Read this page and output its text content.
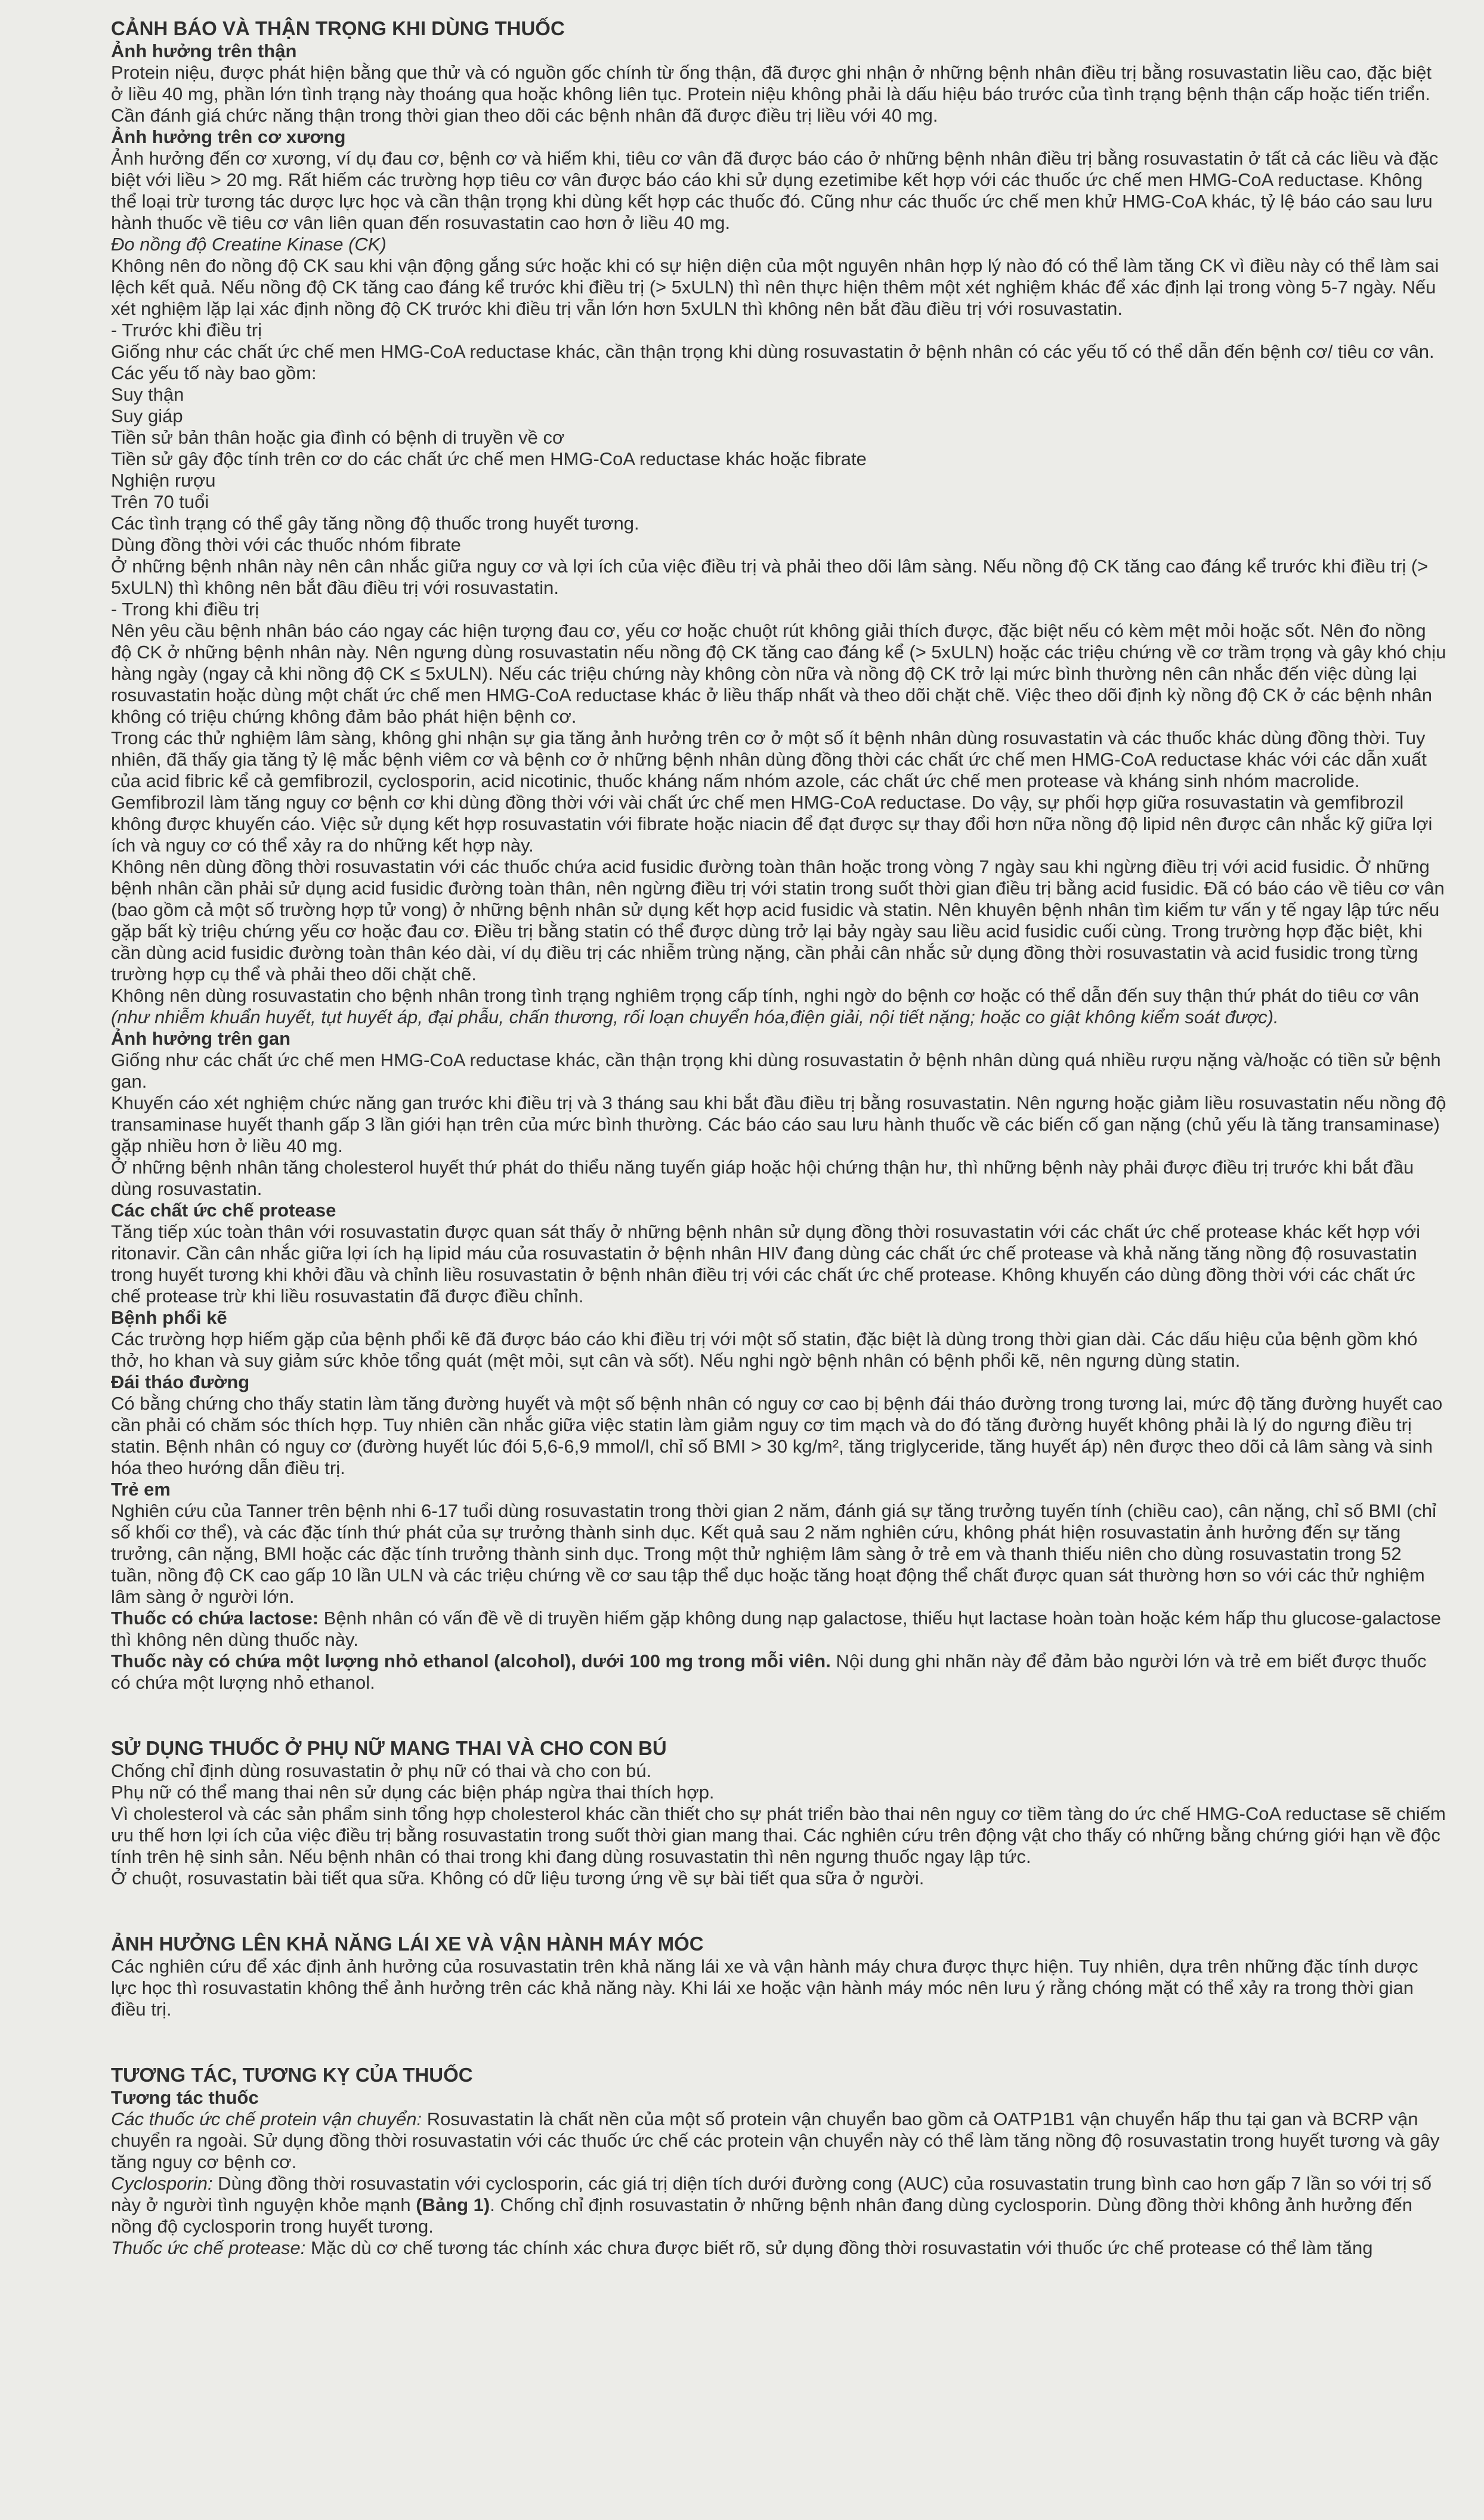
CẢNH BÁO VÀ THẬN TRỌNG KHI DÙNG THUỐC

Ảnh hưởng trên thận

Protein niệu, được phát hiện bằng que thử và có nguồn gốc chính từ ống thận, đã được ghi nhận ở những bệnh nhân điều trị bằng rosuvastatin liều cao, đặc biệt ở liều 40 mg, phần lớn tình trạng này thoáng qua hoặc không liên tục. Protein niệu không phải là dấu hiệu báo trước của tình trạng bệnh thận cấp hoặc tiến triển. Cần đánh giá chức năng thận trong thời gian theo dõi các bệnh nhân đã được điều trị liều với 40 mg.

Ảnh hưởng trên cơ xương

Ảnh hưởng đến cơ xương, ví dụ đau cơ, bệnh cơ và hiếm khi, tiêu cơ vân đã được báo cáo ở những bệnh nhân điều trị bằng rosuvastatin ở tất cả các liều và đặc biệt với liều > 20 mg. Rất hiếm các trường hợp tiêu cơ vân được báo cáo khi sử dụng ezetimibe kết hợp với các thuốc ức chế men HMG-CoA reductase. Không thể loại trừ tương tác dược lực học và cần thận trọng khi dùng kết hợp các thuốc đó. Cũng như các thuốc ức chế men khử HMG-CoA khác, tỷ lệ báo cáo sau lưu hành thuốc về tiêu cơ vân liên quan đến rosuvastatin cao hơn ở liều 40 mg.

Đo nồng độ Creatine Kinase (CK)

Không nên đo nồng độ CK sau khi vận động gắng sức hoặc khi có sự hiện diện của một nguyên nhân hợp lý nào đó có thể làm tăng CK vì điều này có thể làm sai lệch kết quả. Nếu nồng độ CK tăng cao đáng kể trước khi điều trị (> 5xULN) thì nên thực hiện thêm một xét nghiệm khác để xác định lại trong vòng 5-7 ngày. Nếu xét nghiệm lặp lại xác định nồng độ CK trước khi điều trị vẫn lớn hơn 5xULN thì không nên bắt đầu điều trị với rosuvastatin.

- Trước khi điều trị

Giống như các chất ức chế men HMG-CoA reductase khác, cần thận trọng khi dùng rosuvastatin ở bệnh nhân có các yếu tố có thể dẫn đến bệnh cơ/ tiêu cơ vân. Các yếu tố này bao gồm:

Suy thận

Suy giáp

Tiền sử bản thân hoặc gia đình có bệnh di truyền về cơ

Tiền sử gây độc tính trên cơ do các chất ức chế men HMG-CoA reductase khác hoặc fibrate

Nghiện rượu

Trên 70 tuổi

Các tình trạng có thể gây tăng nồng độ thuốc trong huyết tương.

Dùng đồng thời với các thuốc nhóm fibrate

Ở những bệnh nhân này nên cân nhắc giữa nguy cơ và lợi ích của việc điều trị và phải theo dõi lâm sàng. Nếu nồng độ CK tăng cao đáng kể trước khi điều trị (> 5xULN) thì không nên bắt đầu điều trị với rosuvastatin.

- Trong khi điều trị

Nên yêu cầu bệnh nhân báo cáo ngay các hiện tượng đau cơ, yếu cơ hoặc chuột rút không giải thích được, đặc biệt nếu có kèm mệt mỏi hoặc sốt. Nên đo nồng độ CK ở những bệnh nhân này. Nên ngưng dùng rosuvastatin nếu nồng độ CK tăng cao đáng kể (> 5xULN) hoặc các triệu chứng về cơ trầm trọng và gây khó chịu hàng ngày (ngay cả khi nồng độ CK ≤ 5xULN). Nếu các triệu chứng này không còn nữa và nồng độ CK trở lại mức bình thường nên cân nhắc đến việc dùng lại rosuvastatin hoặc dùng một chất ức chế men HMG-CoA reductase khác ở liều thấp nhất và theo dõi chặt chẽ. Việc theo dõi định kỳ nồng độ CK ở các bệnh nhân không có triệu chứng không đảm bảo phát hiện bệnh cơ.

Trong các thử nghiệm lâm sàng, không ghi nhận sự gia tăng ảnh hưởng trên cơ ở một số ít bệnh nhân dùng rosuvastatin và các thuốc khác dùng đồng thời. Tuy nhiên, đã thấy gia tăng tỷ lệ mắc bệnh viêm cơ và bệnh cơ ở những bệnh nhân dùng đồng thời các chất ức chế men HMG-CoA reductase khác với các dẫn xuất của acid fibric kể cả gemfibrozil, cyclosporin, acid nicotinic, thuốc kháng nấm nhóm azole, các chất ức chế men protease và kháng sinh nhóm macrolide. Gemfibrozil làm tăng nguy cơ bệnh cơ khi dùng đồng thời với vài chất ức chế men HMG-CoA reductase. Do vậy, sự phối hợp giữa rosuvastatin và gemfibrozil không được khuyến cáo. Việc sử dụng kết hợp rosuvastatin với fibrate hoặc niacin để đạt được sự thay đổi hơn nữa nồng độ lipid nên được cân nhắc kỹ giữa lợi ích và nguy cơ có thể xảy ra do những kết hợp này.

Không nên dùng đồng thời rosuvastatin với các thuốc chứa acid fusidic đường toàn thân hoặc trong vòng 7 ngày sau khi ngừng điều trị với acid fusidic. Ở những bệnh nhân cần phải sử dụng acid fusidic đường toàn thân, nên ngừng điều trị với statin trong suốt thời gian điều trị bằng acid fusidic. Đã có báo cáo về tiêu cơ vân (bao gồm cả một số trường hợp tử vong) ở những bệnh nhân sử dụng kết hợp acid fusidic và statin. Nên khuyên bệnh nhân tìm kiếm tư vấn y tế ngay lập tức nếu gặp bất kỳ triệu chứng yếu cơ hoặc đau cơ. Điều trị bằng statin có thể được dùng trở lại bảy ngày sau liều acid fusidic cuối cùng. Trong trường hợp đặc biệt, khi cần dùng acid fusidic đường toàn thân kéo dài, ví dụ điều trị các nhiễm trùng nặng, cần phải cân nhắc sử dụng đồng thời rosuvastatin và acid fusidic trong từng trường hợp cụ thể và phải theo dõi chặt chẽ.

Không nên dùng rosuvastatin cho bệnh nhân trong tình trạng nghiêm trọng cấp tính, nghi ngờ do bệnh cơ hoặc có thể dẫn đến suy thận thứ phát do tiêu cơ vân (như nhiễm khuẩn huyết, tụt huyết áp, đại phẫu, chấn thương, rối loạn chuyển hóa,điện giải, nội tiết nặng; hoặc co giật không kiểm soát được).

Ảnh hưởng trên gan

Giống như các chất ức chế men HMG-CoA reductase khác, cần thận trọng khi dùng rosuvastatin ở bệnh nhân dùng quá nhiều rượu nặng và/hoặc có tiền sử bệnh gan.

Khuyến cáo xét nghiệm chức năng gan trước khi điều trị và 3 tháng sau khi bắt đầu điều trị bằng rosuvastatin. Nên ngưng hoặc giảm liều rosuvastatin nếu nồng độ transaminase huyết thanh gấp 3 lần giới hạn trên của mức bình thường. Các báo cáo sau lưu hành thuốc về các biến cố gan nặng (chủ yếu là tăng transaminase) gặp nhiều hơn ở liều 40 mg.

Ở những bệnh nhân tăng cholesterol huyết thứ phát do thiểu năng tuyến giáp hoặc hội chứng thận hư, thì những bệnh này phải được điều trị trước khi bắt đầu dùng rosuvastatin.

Các chất ức chế protease

Tăng tiếp xúc toàn thân với rosuvastatin được quan sát thấy ở những bệnh nhân sử dụng đồng thời rosuvastatin với các chất ức chế protease khác kết hợp với ritonavir. Cần cân nhắc giữa lợi ích hạ lipid máu của rosuvastatin ở bệnh nhân HIV đang dùng các chất ức chế protease và khả năng tăng nồng độ rosuvastatin trong huyết tương khi khởi đầu và chỉnh liều rosuvastatin ở bệnh nhân điều trị với các chất ức chế protease. Không khuyến cáo dùng đồng thời với các chất ức chế protease trừ khi liều rosuvastatin đã được điều chỉnh.

Bệnh phổi kẽ

Các trường hợp hiếm gặp của bệnh phổi kẽ đã được báo cáo khi điều trị với một số statin, đặc biệt là dùng trong thời gian dài. Các dấu hiệu của bệnh gồm khó thở, ho khan và suy giảm sức khỏe tổng quát (mệt mỏi, sụt cân và sốt). Nếu nghi ngờ bệnh nhân có bệnh phổi kẽ, nên ngưng dùng statin.

Đái tháo đường

Có bằng chứng cho thấy statin làm tăng đường huyết và một số bệnh nhân có nguy cơ cao bị bệnh đái tháo đường trong tương lai, mức độ tăng đường huyết cao cần phải có chăm sóc thích hợp. Tuy nhiên cần nhắc giữa việc statin làm giảm nguy cơ tim mạch và do đó tăng đường huyết không phải là lý do ngưng điều trị statin. Bệnh nhân có nguy cơ (đường huyết lúc đói 5,6-6,9 mmol/l, chỉ số BMI > 30 kg/m², tăng triglyceride, tăng huyết áp) nên được theo dõi cả lâm sàng và sinh hóa theo hướng dẫn điều trị.

Trẻ em

Nghiên cứu của Tanner trên bệnh nhi 6-17 tuổi dùng rosuvastatin trong thời gian 2 năm, đánh giá sự tăng trưởng tuyến tính (chiều cao), cân nặng, chỉ số BMI (chỉ số khối cơ thể), và các đặc tính thứ phát của sự trưởng thành sinh dục. Kết quả sau 2 năm nghiên cứu, không phát hiện rosuvastatin ảnh hưởng đến sự tăng trưởng, cân nặng, BMI hoặc các đặc tính trưởng thành sinh dục. Trong một thử nghiệm lâm sàng ở trẻ em và thanh thiếu niên cho dùng rosuvastatin trong 52 tuần, nồng độ CK cao gấp 10 lần ULN và các triệu chứng về cơ sau tập thể dục hoặc tăng hoạt động thể chất được quan sát thường hơn so với các thử nghiệm lâm sàng ở người lớn.

Thuốc có chứa lactose: Bệnh nhân có vấn đề về di truyền hiếm gặp không dung nạp galactose, thiếu hụt lactase hoàn toàn hoặc kém hấp thu glucose-galactose thì không nên dùng thuốc này.

Thuốc này có chứa một lượng nhỏ ethanol (alcohol), dưới 100 mg trong mỗi viên. Nội dung ghi nhãn này để đảm bảo người lớn và trẻ em biết được thuốc có chứa một lượng nhỏ ethanol.

SỬ DỤNG THUỐC Ở PHỤ NỮ MANG THAI VÀ CHO CON BÚ

Chống chỉ định dùng rosuvastatin ở phụ nữ có thai và cho con bú.

Phụ nữ có thể mang thai nên sử dụng các biện pháp ngừa thai thích hợp.

Vì cholesterol và các sản phẩm sinh tổng hợp cholesterol khác cần thiết cho sự phát triển bào thai nên nguy cơ tiềm tàng do ức chế HMG-CoA reductase sẽ chiếm ưu thế hơn lợi ích của việc điều trị bằng rosuvastatin trong suốt thời gian mang thai. Các nghiên cứu trên động vật cho thấy có những bằng chứng giới hạn về độc tính trên hệ sinh sản. Nếu bệnh nhân có thai trong khi đang dùng rosuvastatin thì nên ngưng thuốc ngay lập tức.

Ở chuột, rosuvastatin bài tiết qua sữa. Không có dữ liệu tương ứng về sự bài tiết qua sữa ở người.

ẢNH HƯỞNG LÊN KHẢ NĂNG LÁI XE VÀ VẬN HÀNH MÁY MÓC

Các nghiên cứu để xác định ảnh hưởng của rosuvastatin trên khả năng lái xe và vận hành máy chưa được thực hiện. Tuy nhiên, dựa trên những đặc tính dược lực học thì rosuvastatin không thể ảnh hưởng trên các khả năng này. Khi lái xe hoặc vận hành máy móc nên lưu ý rằng chóng mặt có thể xảy ra trong thời gian điều trị.

TƯƠNG TÁC, TƯƠNG KỴ CỦA THUỐC

Tương tác thuốc

Các thuốc ức chế protein vận chuyển: Rosuvastatin là chất nền của một số protein vận chuyển bao gồm cả OATP1B1 vận chuyển hấp thu tại gan và BCRP vận chuyển ra ngoài. Sử dụng đồng thời rosuvastatin với các thuốc ức chế các protein vận chuyển này có thể làm tăng nồng độ rosuvastatin trong huyết tương và gây tăng nguy cơ bệnh cơ.

Cyclosporin: Dùng đồng thời rosuvastatin với cyclosporin, các giá trị diện tích dưới đường cong (AUC) của rosuvastatin trung bình cao hơn gấp 7 lần so với trị số này ở người tình nguyện khỏe mạnh (Bảng 1). Chống chỉ định rosuvastatin ở những bệnh nhân đang dùng cyclosporin. Dùng đồng thời không ảnh hưởng đến nồng độ cyclosporin trong huyết tương.

Thuốc ức chế protease: Mặc dù cơ chế tương tác chính xác chưa được biết rõ, sử dụng đồng thời rosuvastatin với thuốc ức chế protease có thể làm tăng
